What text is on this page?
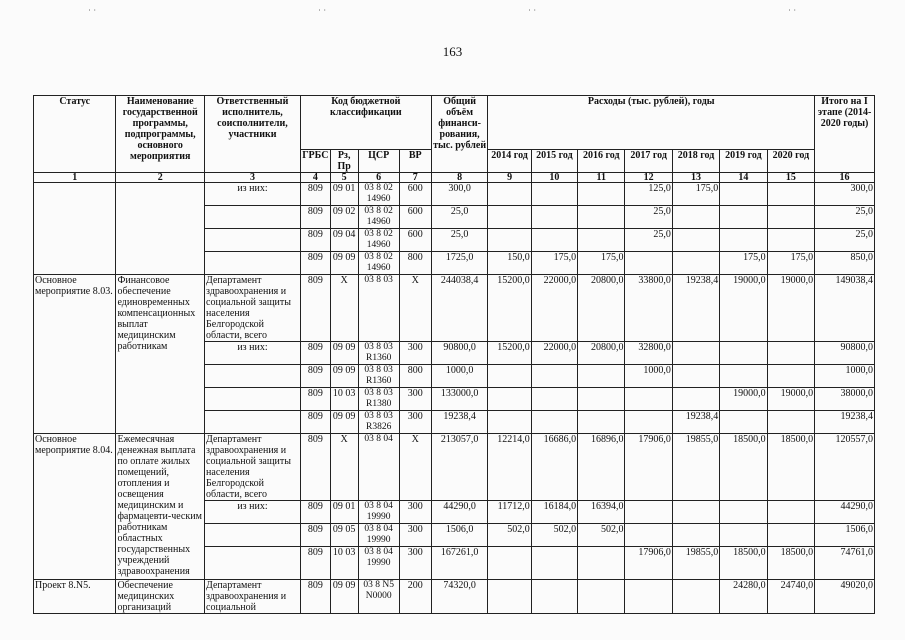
˙ ˙	˙ ˙	˙ ˙	˙ ˙
163
Статус	Наименование государственной программы, подпрограммы, основного мероприятия	Ответственный исполнитель, соисполнители, участники	Код бюджетной классификации				Общий объём финанси-рования, тыс. рублей	Расходы (тыс. рублей), годы							Итого на I этапе (2014-2020 годы)
			ГРБС	Рз, Пр	ЦСР	ВР		2014 год	2015 год	2016 год	2017 год	2018 год	2019 год	2020 год	
1	2	3	4	5	6	7	8	9	10	11	12	13	14	15	16
		из них:	809	09 01	03 8 02 14960	600	300,0				125,0	175,0			300,0
			809	09 02	03 8 02 14960	600	25,0				25,0				25,0
			809	09 04	03 8 02 14960	600	25,0				25,0				25,0
			809	09 09	03 8 02 14960	800	1725,0	150,0	175,0	175,0			175,0	175,0	850,0
Основное мероприятие 8.03.	Финансовое обеспечение единовременных компенсационных выплат медицинским работникам	Департамент здравоохранения и социальной защиты населения Белгородской области, всего	809	Х	03 8 03	Х	244038,4	15200,0	22000,0	20800,0	33800,0	19238,4	19000,0	19000,0	149038,4
		из них:	809	09 09	03 8 03 R1360	300	90800,0	15200,0	22000,0	20800,0	32800,0				90800,0
			809	09 09	03 8 03 R1360	800	1000,0				1000,0				1000,0
			809	10 03	03 8 03 R1380	300	133000,0						19000,0	19000,0	38000,0
			809	09 09	03 8 03 R3826	300	19238,4					19238,4			19238,4
Основное мероприятие 8.04.	Ежемесячная денежная выплата по оплате жилых помещений, отопления и освещения медицинским и фармацевти-ческим работникам областных государственных учреждений здравоохранения	Департамент здравоохранения и социальной защиты населения Белгородской области, всего	809	Х	03 8 04	Х	213057,0	12214,0	16686,0	16896,0	17906,0	19855,0	18500,0	18500,0	120557,0
		из них:	809	09 01	03 8 04 19990	300	44290,0	11712,0	16184,0	16394,0					44290,0
			809	09 05	03 8 04 19990	300	1506,0	502,0	502,0	502,0					1506,0
			809	10 03	03 8 04 19990	300	167261,0				17906,0	19855,0	18500,0	18500,0	74761,0
Проект 8.N5.	Обеспечение медицинских организаций	Департамент здравоохранения и социальной	809	09 09	03 8 N5 N0000	200	74320,0						24280,0	24740,0	49020,0
